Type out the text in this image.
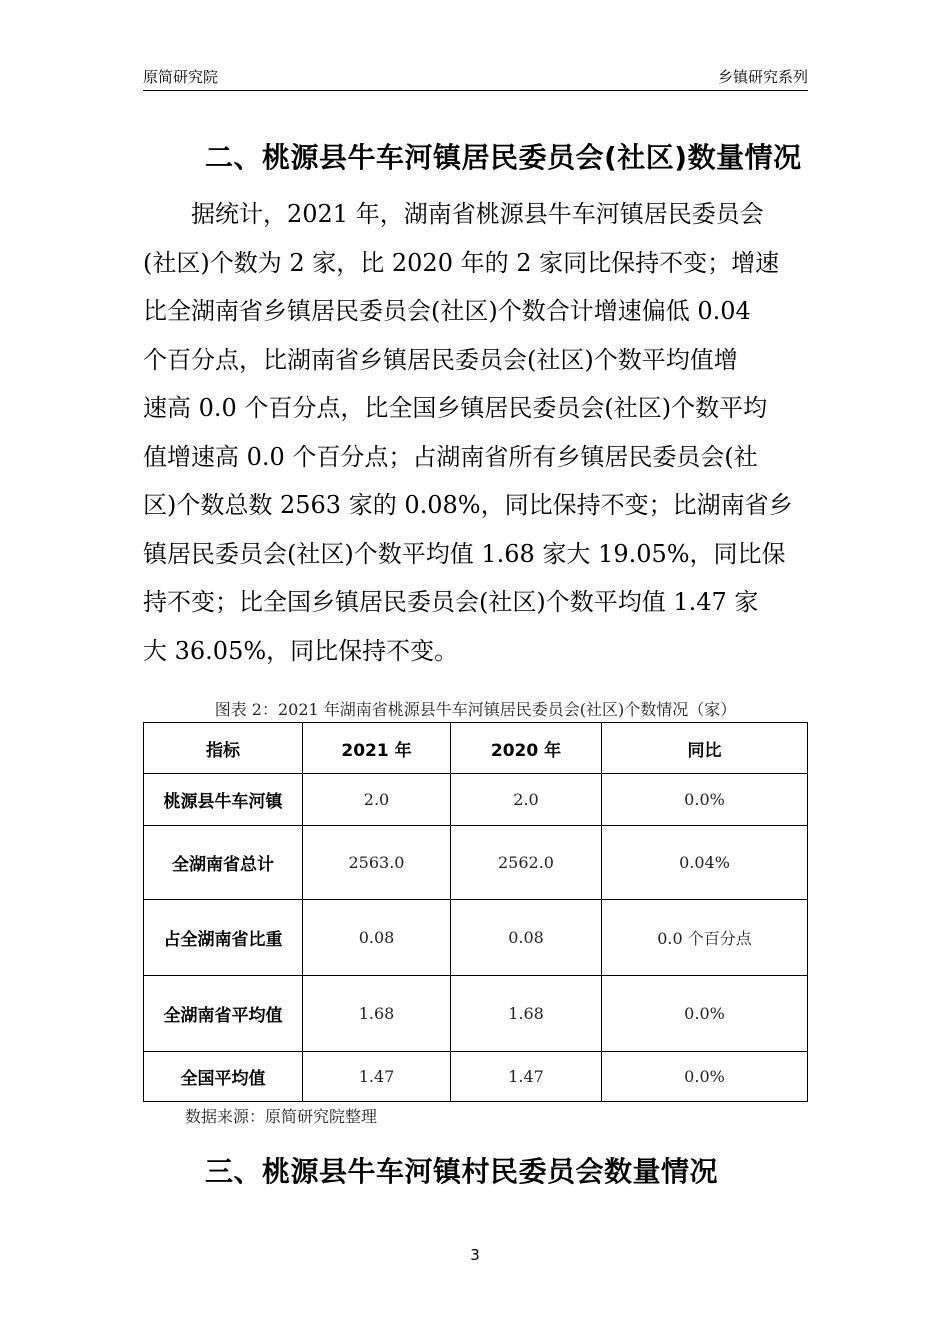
原简研究院	乡镇研究系列
二、桃源县牛车河镇居民委员会(社区)数量情况
　　据统计，2021 年，湖南省桃源县牛车河镇居民委员会
(社区)个数为 2 家，比 2020 年的 2 家同比保持不变；增速
比全湖南省乡镇居民委员会(社区)个数合计增速偏低 0.04
个百分点，比湖南省乡镇居民委员会(社区)个数平均值增
速高 0.0 个百分点，比全国乡镇居民委员会(社区)个数平均
值增速高 0.0 个百分点；占湖南省所有乡镇居民委员会(社
区)个数总数 2563 家的 0.08%，同比保持不变；比湖南省乡
镇居民委员会(社区)个数平均值 1.68 家大 19.05%，同比保
持不变；比全国乡镇居民委员会(社区)个数平均值 1.47 家
大 36.05%，同比保持不变。
图表 2：2021 年湖南省桃源县牛车河镇居民委员会(社区)个数情况（家）
指标	2021 年	2020 年	同比
桃源县牛车河镇	2.0	2.0	0.0%
全湖南省总计	2563.0	2562.0	0.04%
占全湖南省比重	0.08	0.08	0.0 个百分点
全湖南省平均值	1.68	1.68	0.0%
全国平均值	1.47	1.47	0.0%
数据来源：原简研究院整理
三、桃源县牛车河镇村民委员会数量情况
3
